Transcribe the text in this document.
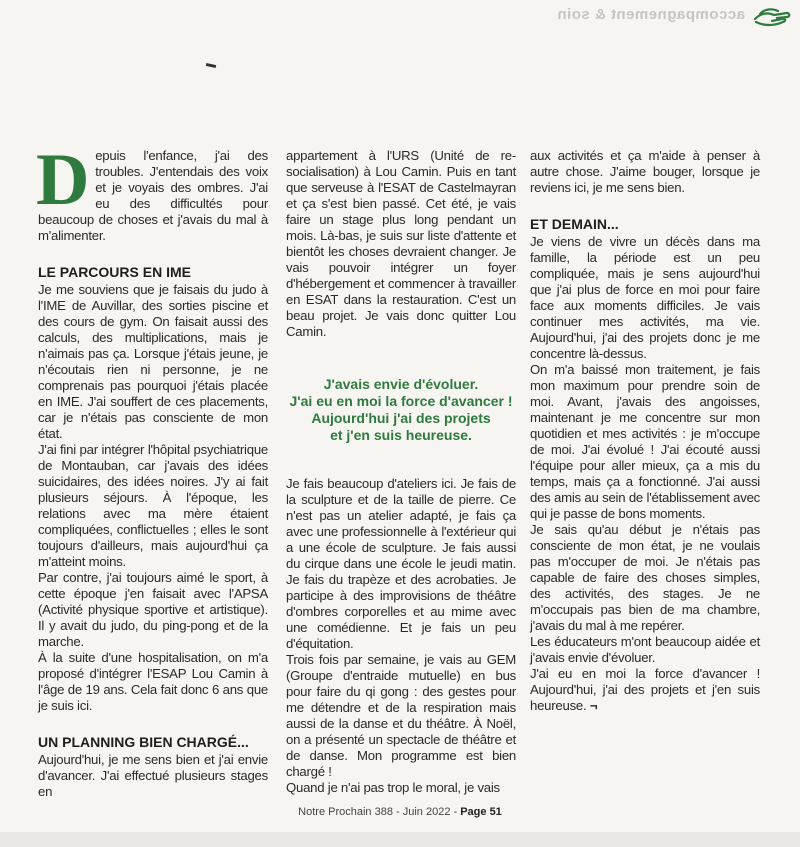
accompagnement & soin

Depuis l'enfance, j'ai des troubles. J'entendais des voix et je voyais des ombres. J'ai eu des difficultés pour beaucoup de choses et j'avais du mal à m'alimenter.

LE PARCOURS EN IME

Je me souviens que je faisais du judo à l'IME de Auvillar, des sorties piscine et des cours de gym. On faisait aussi des calculs, des multiplications, mais je n'aimais pas ça. Lorsque j'étais jeune, je n'écoutais rien ni personne, je ne comprenais pas pourquoi j'étais placée en IME. J'ai souffert de ces placements, car je n'étais pas consciente de mon état.

J'ai fini par intégrer l'hôpital psychiatrique de Montauban, car j'avais des idées suicidaires, des idées noires. J'y ai fait plusieurs séjours. À l'époque, les relations avec ma mère étaient compliquées, conflictuelles ; elles le sont toujours d'ailleurs, mais aujourd'hui ça m'atteint moins.

Par contre, j'ai toujours aimé le sport, à cette époque j'en faisait avec l'APSA (Activité physique sportive et artistique). Il y avait du judo, du ping-pong et de la marche.

À la suite d'une hospitalisation, on m'a proposé d'intégrer l'ESAP Lou Camin à l'âge de 19 ans. Cela fait donc 6 ans que je suis ici.

UN PLANNING BIEN CHARGÉ...

Aujourd'hui, je me sens bien et j'ai envie d'avancer. J'ai effectué plusieurs stages en

appartement à l'URS (Unité de re-socialisation) à Lou Camin. Puis en tant que serveuse à l'ESAT de Castelmayran et ça s'est bien passé. Cet été, je vais faire un stage plus long pendant un mois. Là-bas, je suis sur liste d'attente et bientôt les choses devraient changer. Je vais pouvoir intégrer un foyer d'hébergement et commencer à travailler en ESAT dans la restauration. C'est un beau projet. Je vais donc quitter Lou Camin.

J'avais envie d'évoluer.
J'ai eu en moi la force d'avancer !
Aujourd'hui j'ai des projets
et j'en suis heureuse.

Je fais beaucoup d'ateliers ici. Je fais de la sculpture et de la taille de pierre. Ce n'est pas un atelier adapté, je fais ça avec une professionnelle à l'extérieur qui a une école de sculpture. Je fais aussi du cirque dans une école le jeudi matin. Je fais du trapèze et des acrobaties. Je participe à des improvisions de théâtre d'ombres corporelles et au mime avec une comédienne. Et je fais un peu d'équitation.

Trois fois par semaine, je vais au GEM (Groupe d'entraide mutuelle) en bus pour faire du qi gong : des gestes pour me détendre et de la respiration mais aussi de la danse et du théâtre. À Noël, on a présenté un spectacle de théâtre et de danse. Mon programme est bien chargé !

Quand je n'ai pas trop le moral, je vais

aux activités et ça m'aide à penser à autre chose. J'aime bouger, lorsque je reviens ici, je me sens bien.

ET DEMAIN...

Je viens de vivre un décès dans ma famille, la période est un peu compliquée, mais je sens aujourd'hui que j'ai plus de force en moi pour faire face aux moments difficiles. Je vais continuer mes activités, ma vie. Aujourd'hui, j'ai des projets donc je me concentre là-dessus.

On m'a baissé mon traitement, je fais mon maximum pour prendre soin de moi. Avant, j'avais des angoisses, maintenant je me concentre sur mon quotidien et mes activités : je m'occupe de moi. J'ai évolué ! J'ai écouté aussi l'équipe pour aller mieux, ça a mis du temps, mais ça a fonctionné. J'ai aussi des amis au sein de l'établissement avec qui je passe de bons moments.

Je sais qu'au début je n'étais pas consciente de mon état, je ne voulais pas m'occuper de moi. Je n'étais pas capable de faire des choses simples, des activités, des stages. Je ne m'occupais pas bien de ma chambre, j'avais du mal à me repérer.

Les éducateurs m'ont beaucoup aidée et j'avais envie d'évoluer.

J'ai eu en moi la force d'avancer ! Aujourd'hui, j'ai des projets et j'en suis heureuse. ¬

Notre Prochain 388 - Juin 2022 - Page 51
